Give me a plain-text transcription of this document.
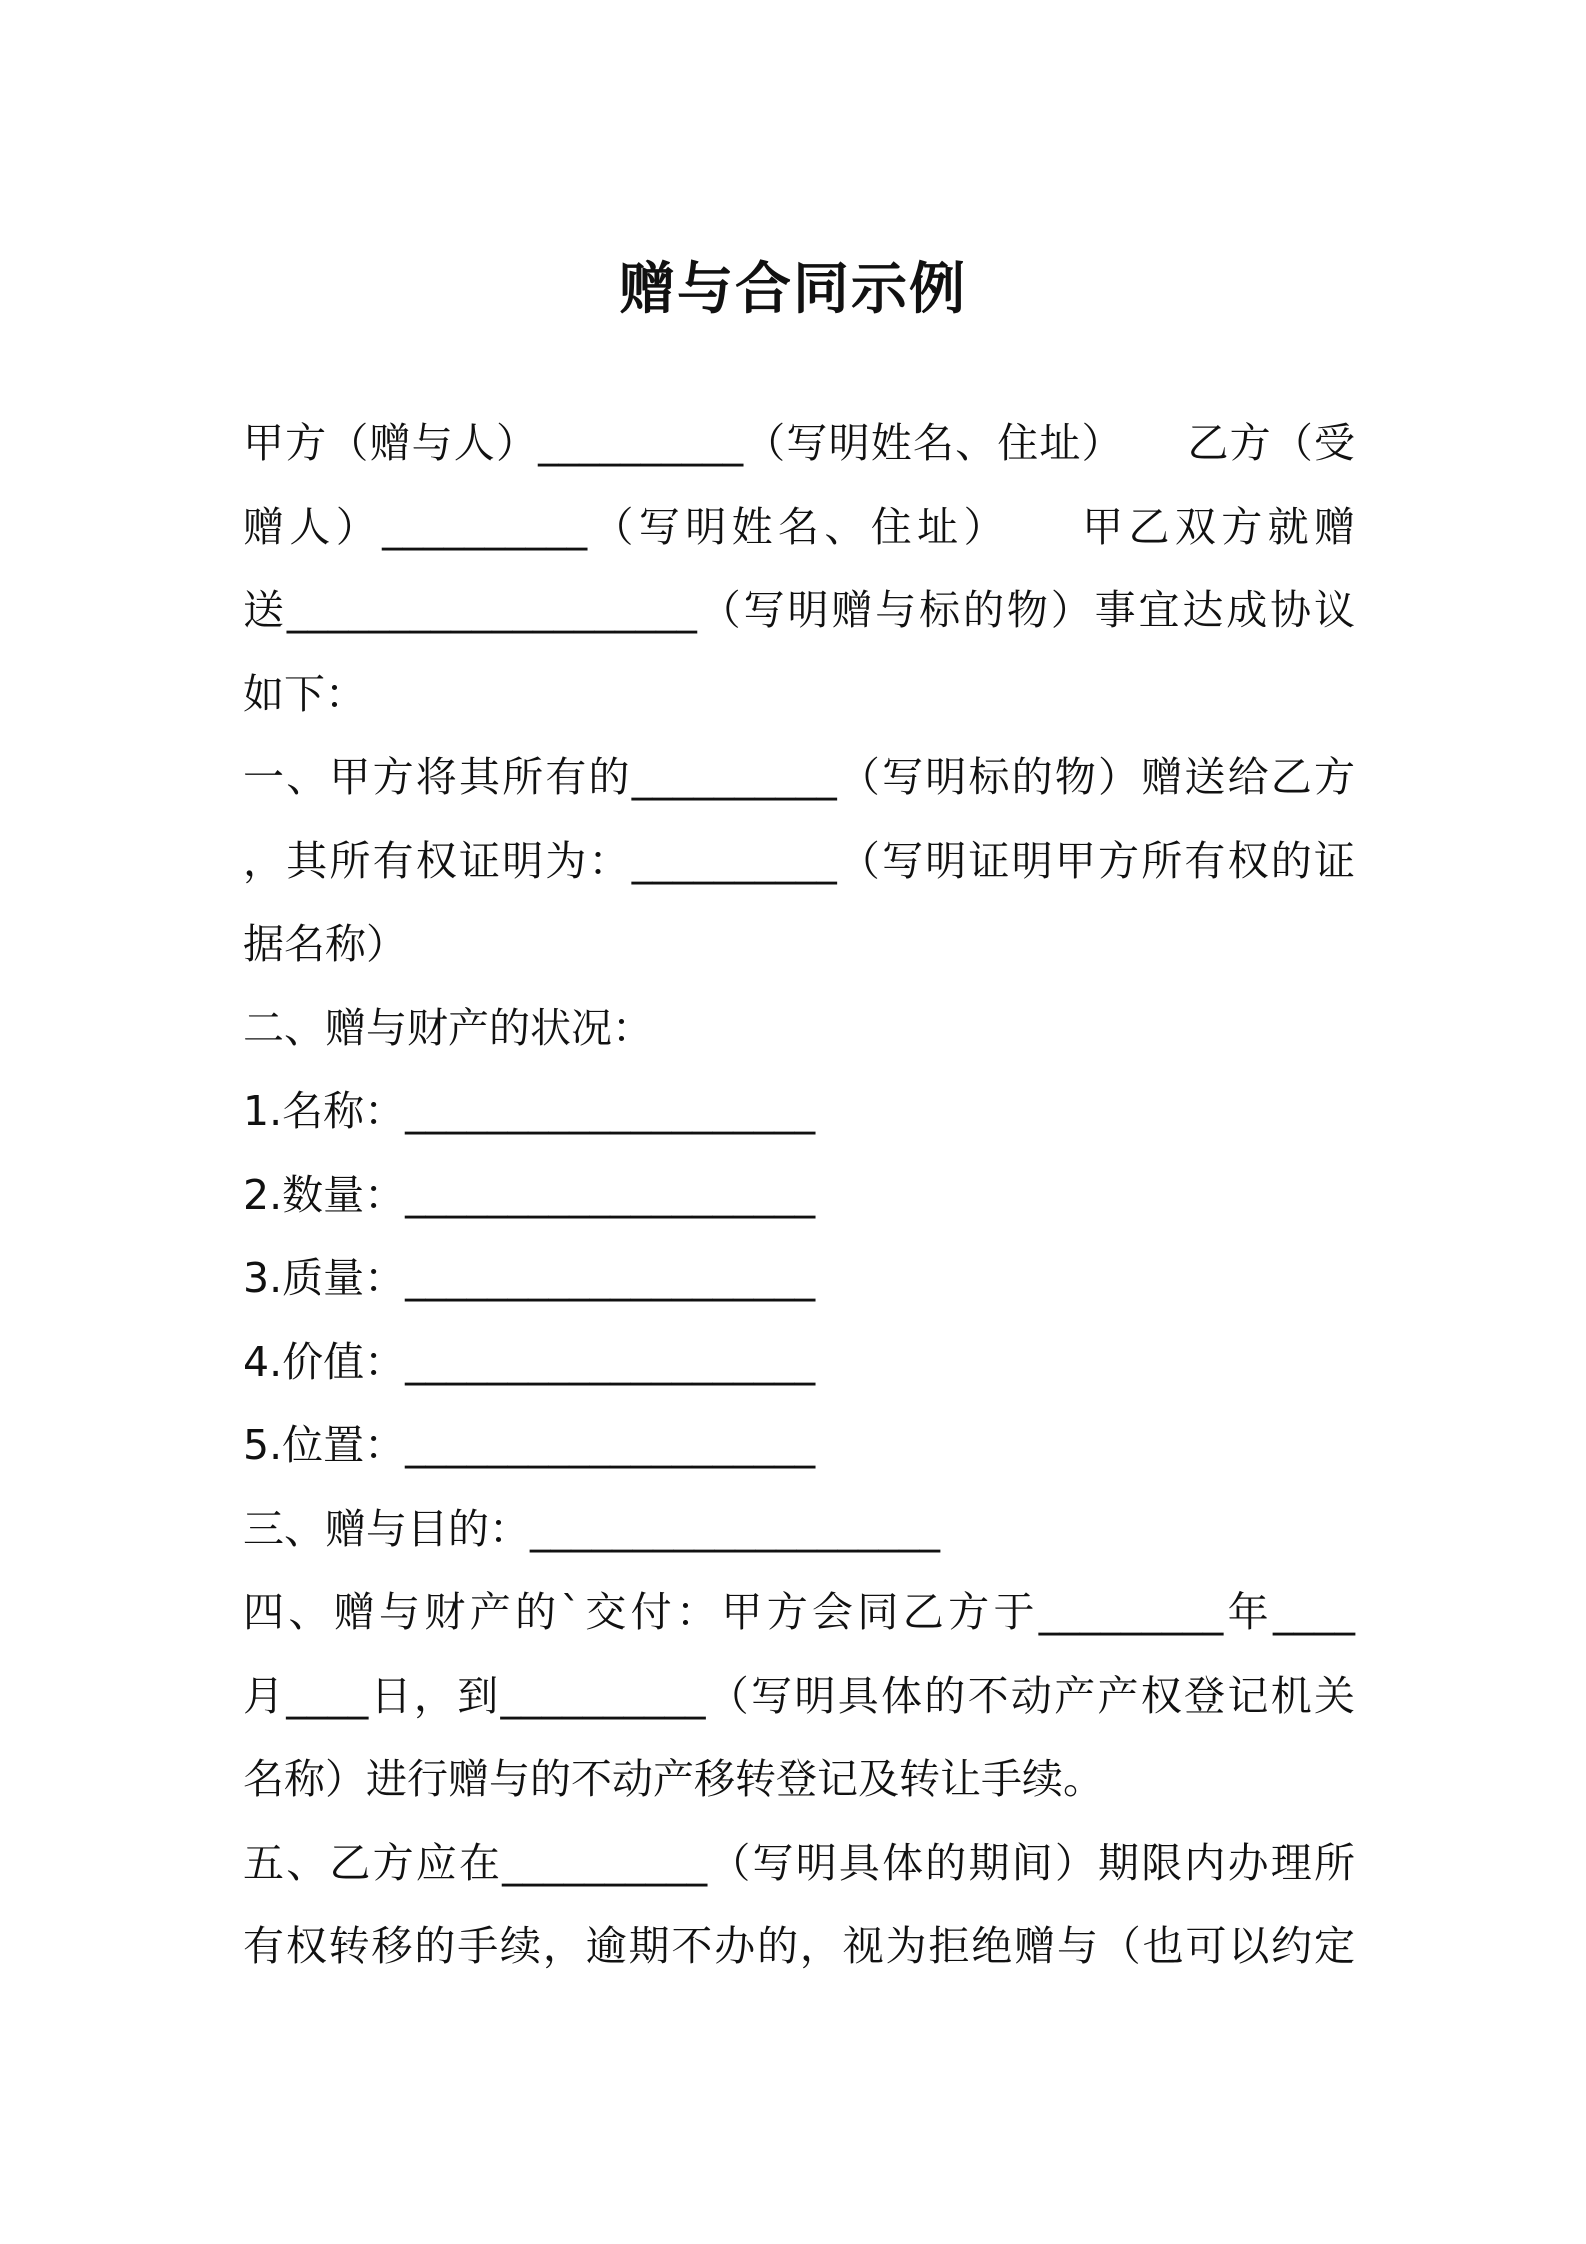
赠与合同示例
甲方（赠与人）__________（写明姓名、住址）　　乙方（受
赠人）__________（写明姓名、住址）　　甲乙双方就赠
送____________________（写明赠与标的物）事宜达成协议
如下：
一、甲方将其所有的__________（写明标的物）赠送给乙方
，其所有权证明为：__________（写明证明甲方所有权的证
据名称）
二、赠与财产的状况：
1.名称：____________________
2.数量：____________________
3.质量：____________________
4.价值：____________________
5.位置：____________________
三、赠与目的：____________________
四、赠与财产的`交付：甲方会同乙方于_________年____
月____日，到__________（写明具体的不动产产权登记机关
名称）进行赠与的不动产移转登记及转让手续。
五、乙方应在__________（写明具体的期间）期限内办理所
有权转移的手续，逾期不办的，视为拒绝赠与（也可以约定
